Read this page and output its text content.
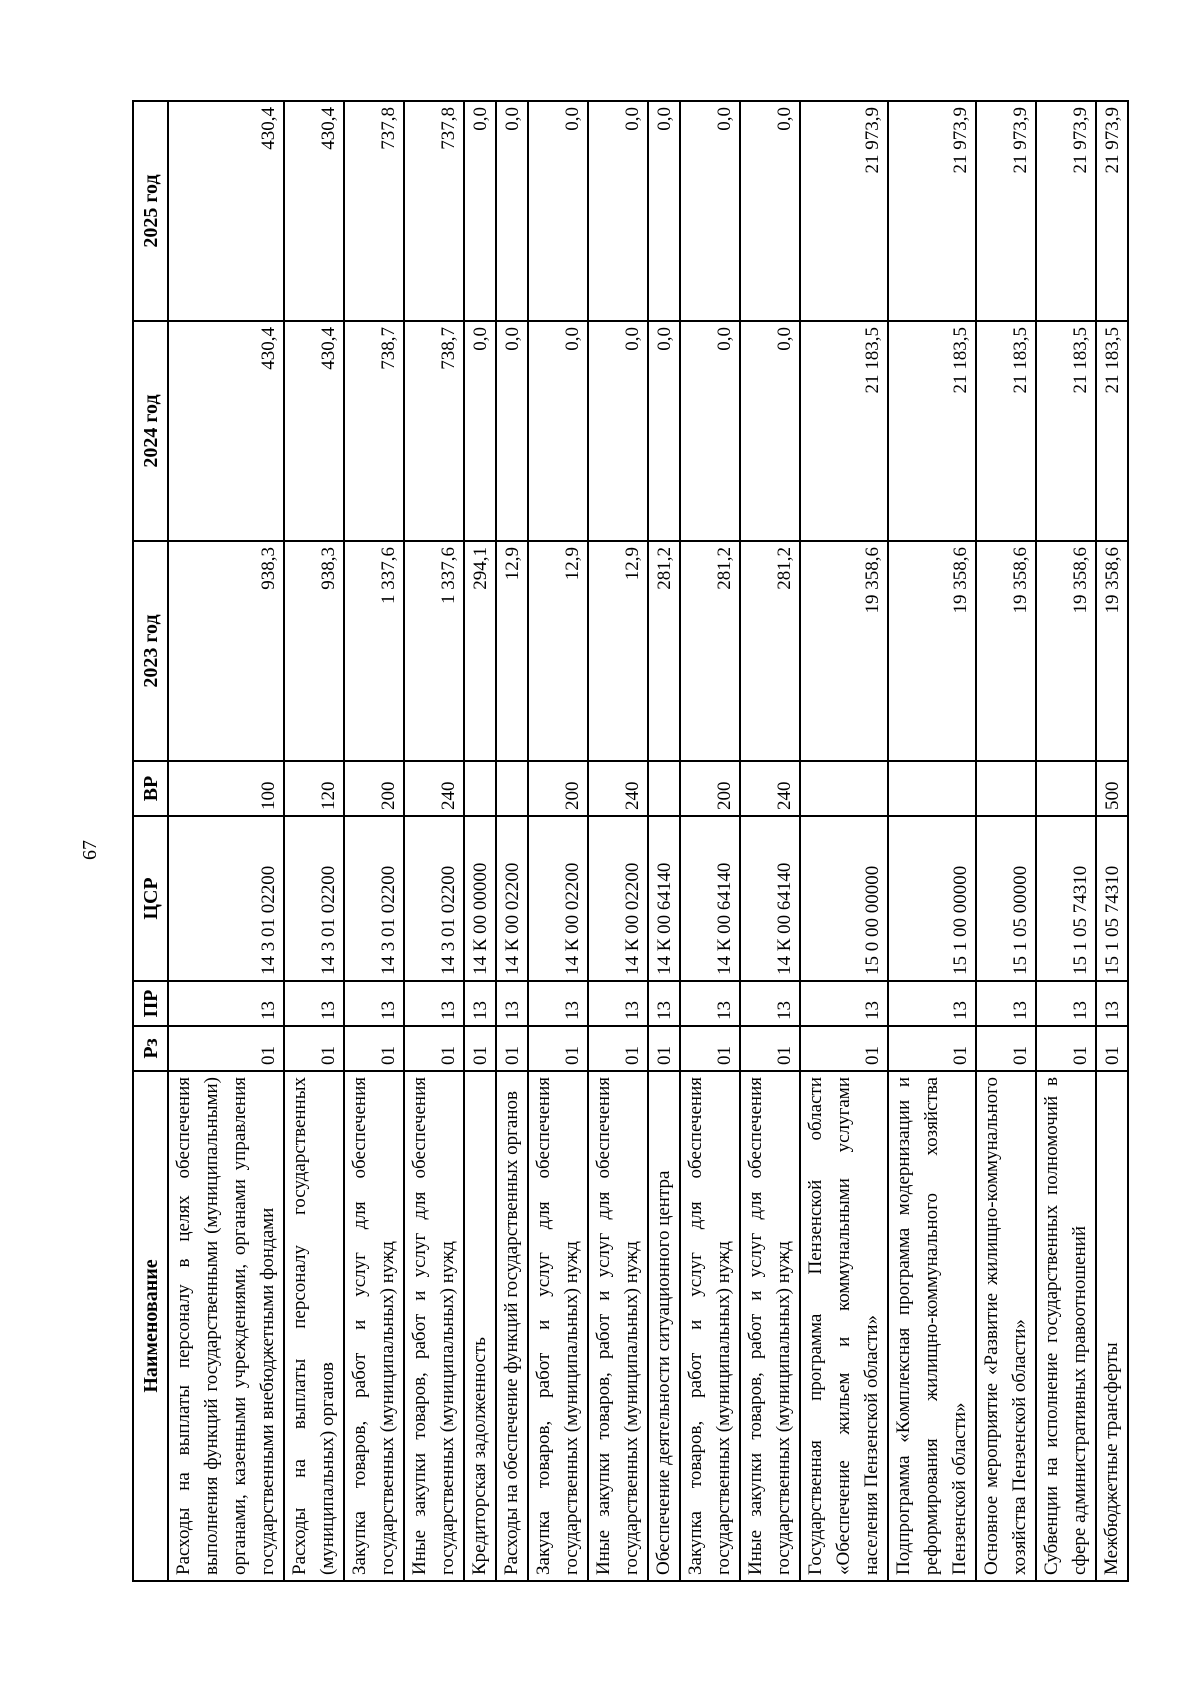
67
Наименование	Рз	ПР	ЦСР	ВР	2023 год	2024 год	2025 год
Расходы на выплаты персоналу в целях обеспечения выполнения функций государственными (муниципальными) органами, казенными учреждениями, органами управления государственными внебюджетными фондами	01	13	14 3 01 02200	100	938,3	430,4	430,4
Расходы на выплаты персоналу государственных (муниципальных) органов	01	13	14 3 01 02200	120	938,3	430,4	430,4
Закупка товаров, работ и услуг для обеспечения государственных (муниципальных) нужд	01	13	14 3 01 02200	200	1 337,6	738,7	737,8
Иные закупки товаров, работ и услуг для обеспечения государственных (муниципальных) нужд	01	13	14 3 01 02200	240	1 337,6	738,7	737,8
Кредиторская задолженность	01	13	14 К 00 00000		294,1	0,0	0,0
Расходы на обеспечение функций государственных органов	01	13	14 К 00 02200		12,9	0,0	0,0
Закупка товаров, работ и услуг для обеспечения государственных (муниципальных) нужд	01	13	14 К 00 02200	200	12,9	0,0	0,0
Иные закупки товаров, работ и услуг для обеспечения государственных (муниципальных) нужд	01	13	14 К 00 02200	240	12,9	0,0	0,0
Обеспечение деятельности ситуационного центра	01	13	14 К 00 64140		281,2	0,0	0,0
Закупка товаров, работ и услуг для обеспечения государственных (муниципальных) нужд	01	13	14 К 00 64140	200	281,2	0,0	0,0
Иные закупки товаров, работ и услуг для обеспечения государственных (муниципальных) нужд	01	13	14 К 00 64140	240	281,2	0,0	0,0
Государственная программа Пензенской области «Обеспечение жильем и коммунальными услугами населения Пензенской области»	01	13	15 0 00 00000		19 358,6	21 183,5	21 973,9
Подпрограмма «Комплексная программа модернизации и реформирования жилищно-коммунального хозяйства Пензенской области»	01	13	15 1 00 00000		19 358,6	21 183,5	21 973,9
Основное мероприятие «Развитие жилищно-коммунального хозяйства Пензенской области»	01	13	15 1 05 00000		19 358,6	21 183,5	21 973,9
Субвенции на исполнение государственных полномочий в сфере административных правоотношений	01	13	15 1 05 74310		19 358,6	21 183,5	21 973,9
Межбюджетные трансферты	01	13	15 1 05 74310	500	19 358,6	21 183,5	21 973,9
